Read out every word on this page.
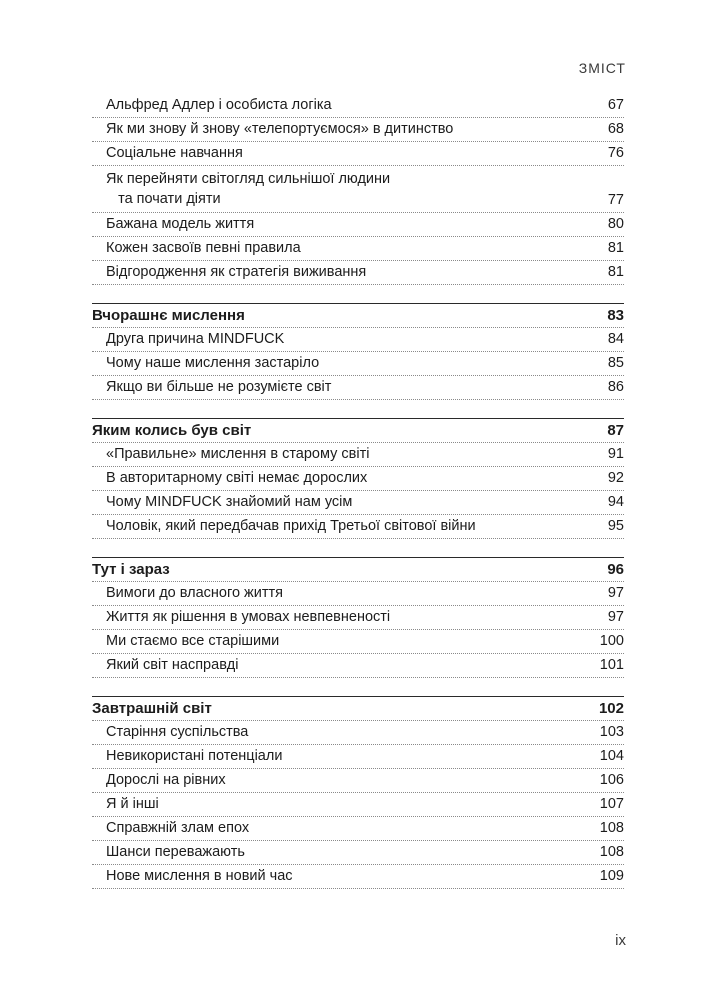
ЗМІСТ
Альфред Адлер і особиста логіка	67
Як ми знову й знову «телепортуємося» в дитинство	68
Соціальне навчання	76
Як перейняти світогляд сильнішої людини
та почати діяти	77
Бажана модель життя	80
Кожен засвоїв певні правила	81
Відгородження як стратегія виживання	81
Вчорашнє мислення	83
Друга причина MINDFUCK	84
Чому наше мислення застаріло	85
Якщо ви більше не розумієте світ	86
Яким колись був світ	87
«Правильне» мислення в старому світі	91
В авторитарному світі немає дорослих	92
Чому MINDFUCK знайомий нам усім	94
Чоловік, який передбачав прихід Третьої світової війни	95
Тут і зараз	96
Вимоги до власного життя	97
Життя як рішення в умовах невпевненості	97
Ми стаємо все старішими	100
Який світ насправді	101
Завтрашній світ	102
Старіння суспільства	103
Невикористані потенціали	104
Дорослі на рівних	106
Я й інші	107
Справжній злам епох	108
Шанси переважають	108
Нове мислення в новий час	109
ix
